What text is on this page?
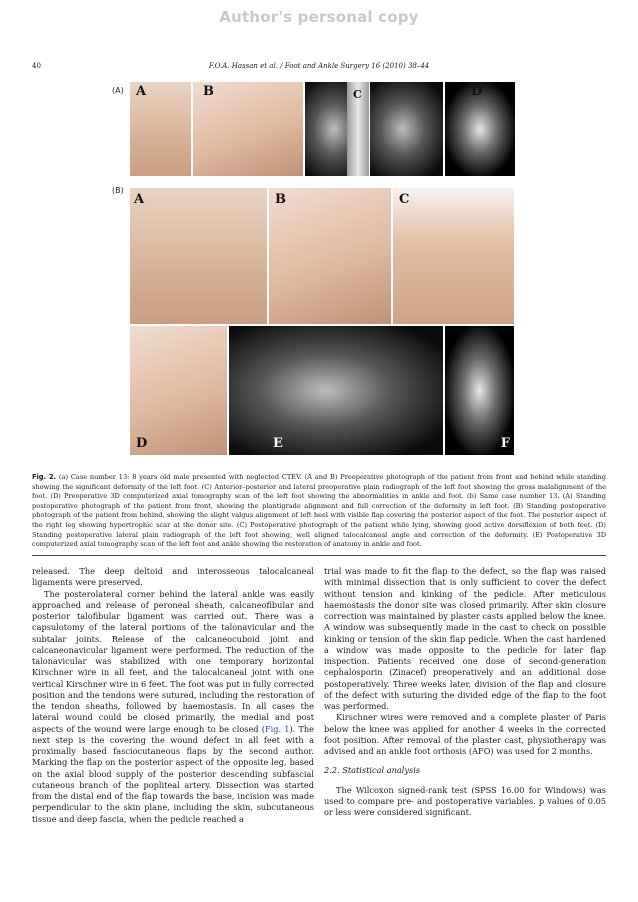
Author's personal copy
40	F.O.A. Hassan et al. / Foot and Ankle Surgery 16 (2010) 38–44
(A) A	B	C	D
(B)
A	B	C
D	E	F
Fig. 2. (a) Case number 13: 8 years old male presented with neglected CTEV. (A and B) Preoperative photograph of the patient from front and behind while standing showing the significant deformity of the left foot. (C) Anterior–posterior and lateral preoperative plain radiograph of the left foot showing the gross malalignment of the foot. (D) Preoperative 3D computerized axial tomography scan of the left foot showing the abnormalities in ankle and foot. (b) Same case number 13. (A) Standing postoperative photograph of the patient from front, showing the plantigrade alignment and full correction of the deformity in left foot. (B) Standing postoperative photograph of the patient from behind, showing the slight valgus alignment of left heel with visible flap covering the posterior aspect of the foot. The posterior aspect of the right leg showing hypertrophic scar at the donor site. (C) Postoperative photograph of the patient while lying, showing good active dorsiflexion of both feet. (D) Standing postoperative lateral plain radiograph of the left foot showing, well aligned talocalcaneal angle and correction of the deformity. (E) Postoperative 3D computerized axial tomography scan of the left foot and ankle showing the restoration of anatomy in ankle and foot.

released. The deep deltoid and interosseous talocalcaneal ligaments were preserved.

The posterolateral corner behind the lateral ankle was easily approached and release of peroneal sheath, calcaneofibular and posterior talofibular ligament was carried out. There was a capsulotomy of the lateral portions of the talonavicular and the subtalar joints. Release of the calcaneocuboid joint and calcaneonavicular ligament were performed. The reduction of the talonavicular was stabilized with one temporary horizontal Kirschner wire in all feet, and the talocalcaneal joint with one vertical Kirschner wire in 6 feet. The foot was put in fully corrected position and the tendons were sutured, including the restoration of the tendon sheaths, followed by haemostasis. In all cases the lateral wound could be closed primarily, the medial and post aspects of the wound were large enough to be closed (Fig. 1). The next step is the covering the wound defect in all feet with a proximally based fasciocutaneous flaps by the second author. Marking the flap on the posterior aspect of the opposite leg, based on the axial blood supply of the posterior descending subfascial cutaneous branch of the popliteal artery. Dissection was started from the distal end of the flap towards the base, incision was made perpendicular to the skin plane, including the skin, subcutaneous tissue and deep fascia, when the pedicle reached a

trial was made to fit the flap to the defect, so the flap was raised with minimal dissection that is only sufficient to cover the defect without tension and kinking of the pedicle. After meticulous haemostasis the donor site was closed primarily. After skin closure correction was maintained by plaster casts applied below the knee. A window was subsequently made in the cast to check on possible kinking or tension of the skin flap pedicle. When the cast hardened a window was made opposite to the pedicle for later flap inspection. Patients received one dose of second-generation cephalosporin (Zinacef) preoperatively and an additional dose postoperatively. Three weeks later, division of the flap and closure of the defect with suturing the divided edge of the flap to the foot was performed.

Kirschner wires were removed and a complete plaster of Paris below the knee was applied for another 4 weeks in the corrected foot position. After removal of the plaster cast, physiotherapy was advised and an ankle foot orthosis (AFO) was used for 2 months.

2.2. Statistical analysis

The Wilcoxon signed-rank test (SPSS 16.00 for Windows) was used to compare pre- and postoperative variables. p values of 0.05 or less were considered significant.
